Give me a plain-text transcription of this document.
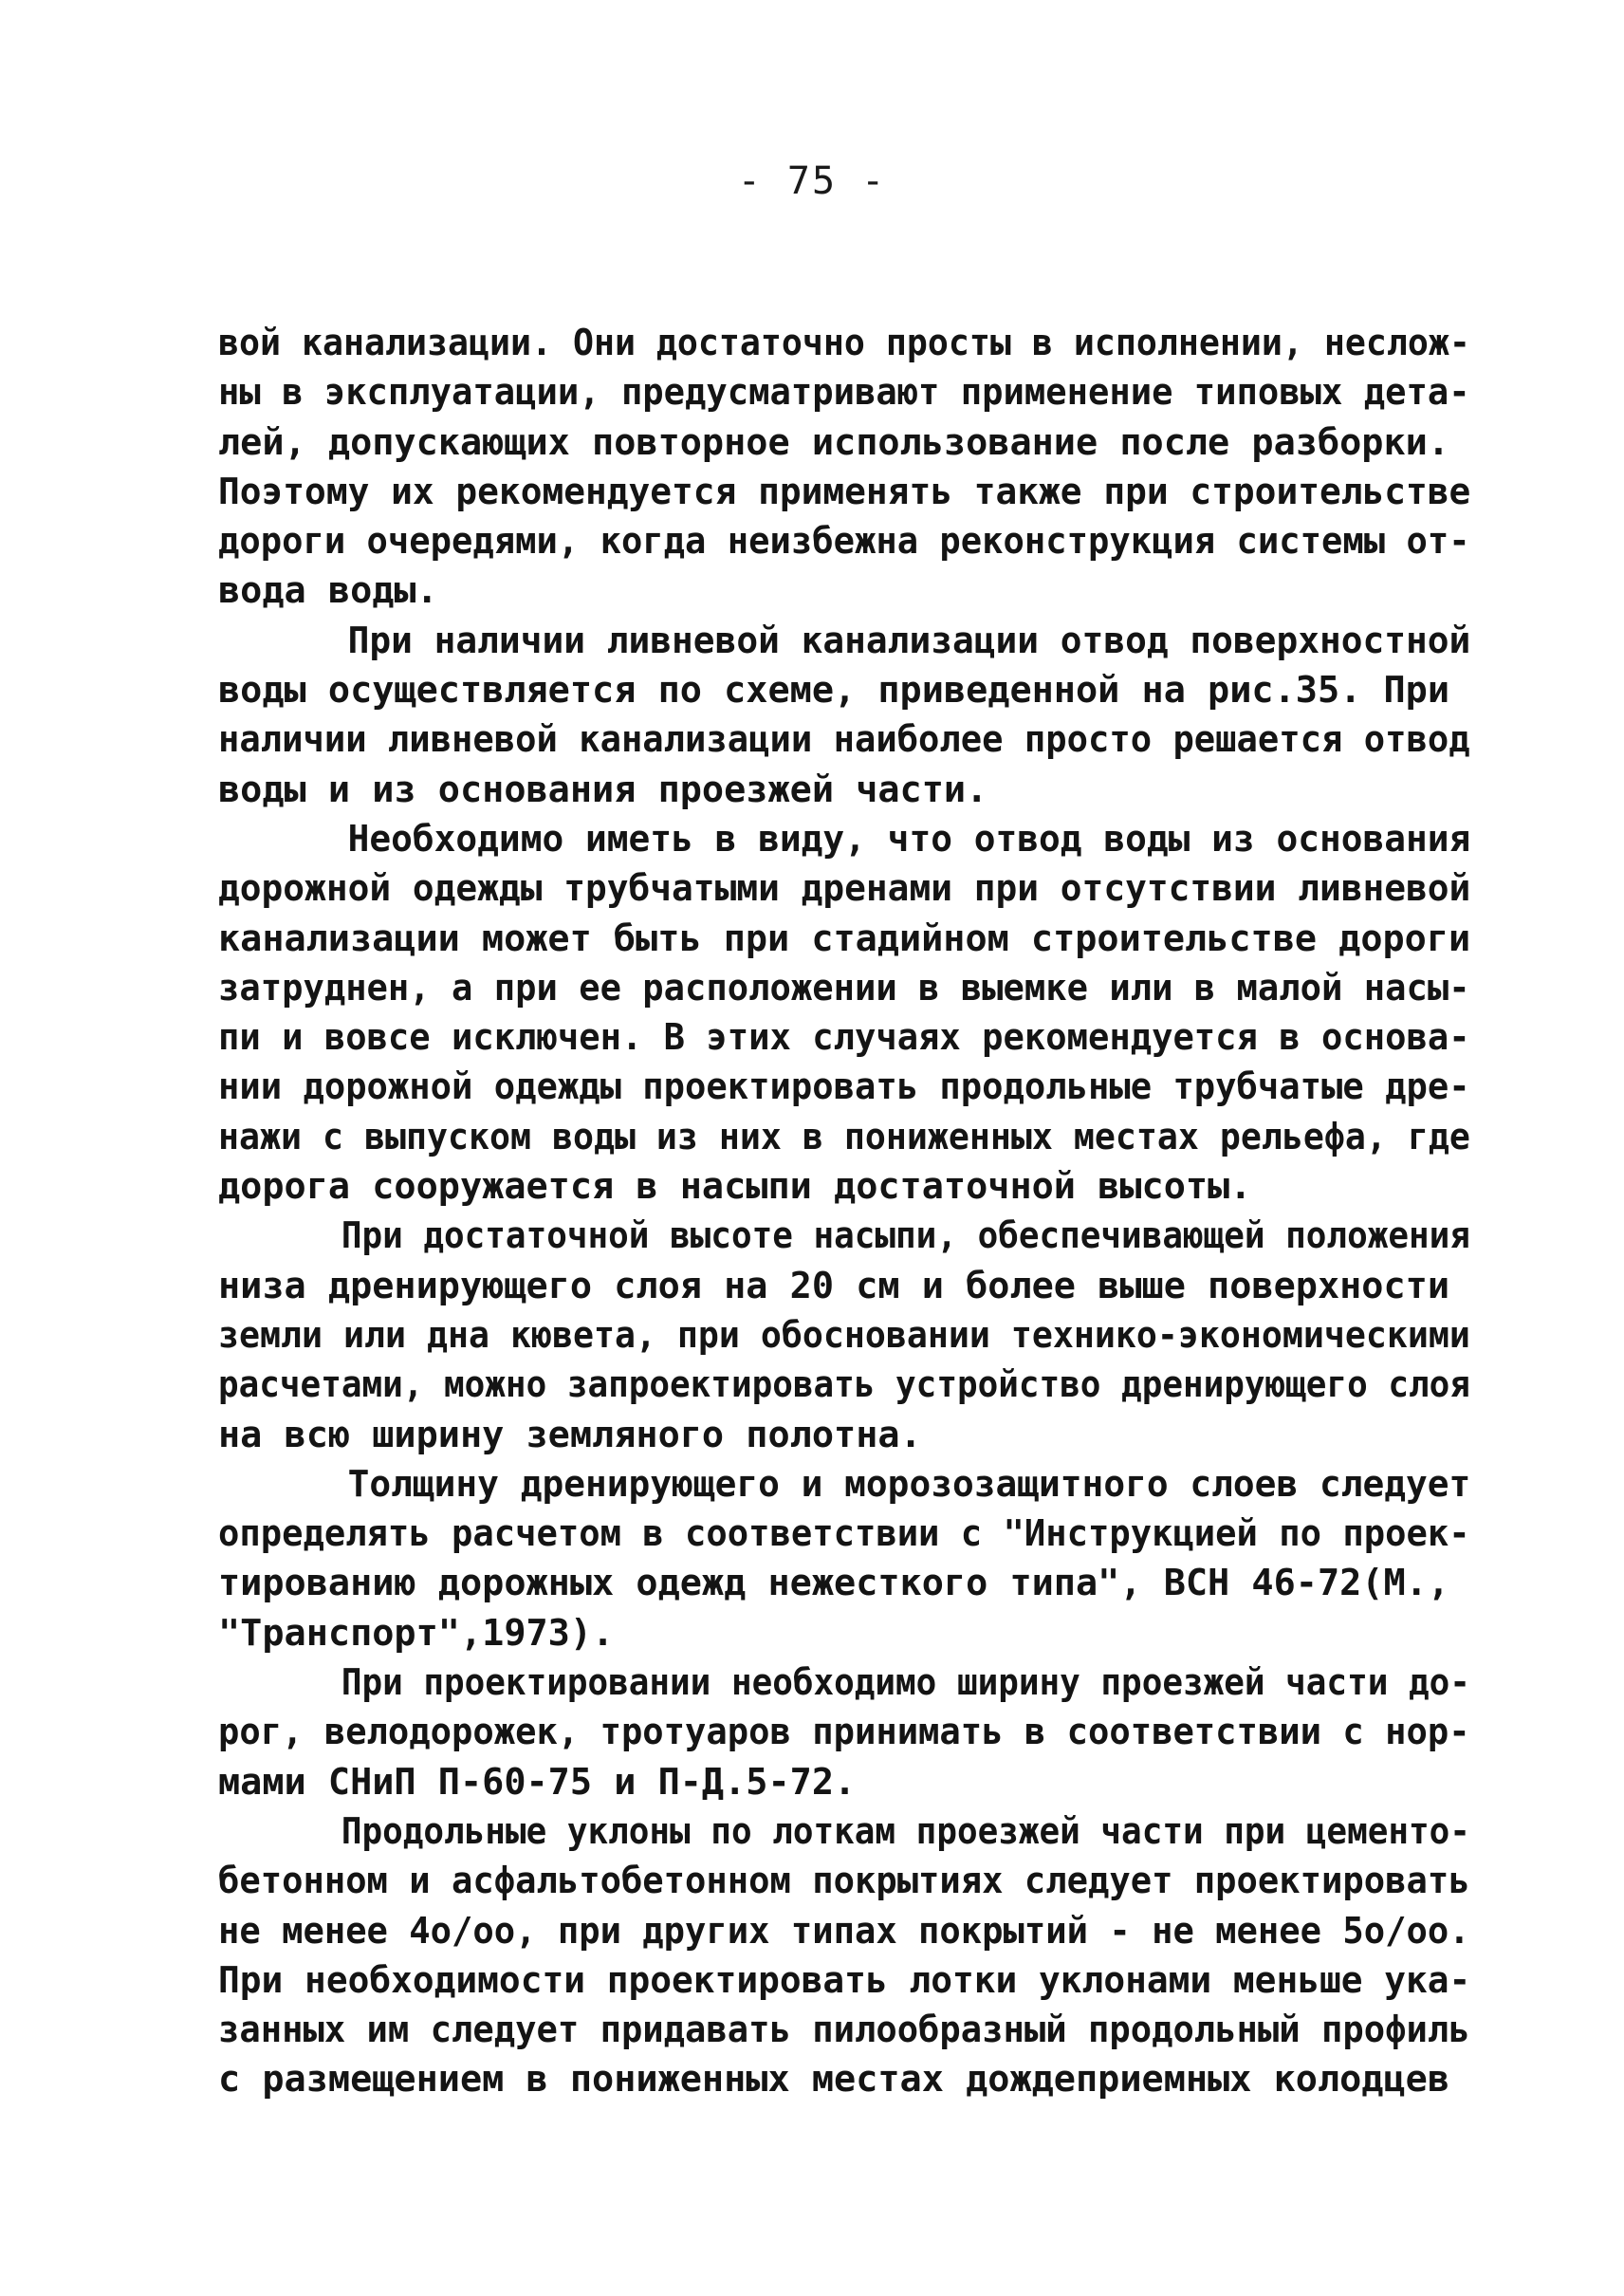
- 75 -
вой канализации. Они достаточно просты в исполнении, неслож-
ны в эксплуатации, предусматривают применение типовых дета-
лей, допускающих повторное использование после разборки.
Поэтому их рекомендуется применять также при строительстве
дороги очередями, когда неизбежна реконструкция системы от-
вода воды.
При наличии ливневой канализации отвод поверхностной
воды осуществляется по схеме, приведенной на рис.35. При
наличии ливневой канализации наиболее просто решается отвод
воды и из основания проезжей части.
Необходимо иметь в виду, что отвод воды из основания
дорожной одежды трубчатыми дренами при отсутствии ливневой
канализации может быть при стадийном строительстве дороги
затруднен, а при ее расположении в выемке или в малой насы-
пи и вовсе исключен. В этих случаях рекомендуется в основа-
нии дорожной одежды проектировать продольные трубчатые дре-
нажи с выпуском воды из них в пониженных местах рельефа, где
дорога сооружается в насыпи достаточной высоты.
При достаточной высоте насыпи, обеспечивающей положения
низа дренирующего слоя на 20 см и более выше поверхности
земли или дна кювета, при обосновании технико-экономическими
расчетами, можно запроектировать устройство дренирующего слоя
на всю ширину земляного полотна.
Толщину дренирующего и морозозащитного слоев следует
определять расчетом в соответствии с "Инструкцией по проек-
тированию дорожных одежд нежесткого типа", ВСН 46-72(М.,
"Транспорт",1973).
При проектировании необходимо ширину проезжей части до-
рог, велодорожек, тротуаров принимать в соответствии с нор-
мами СНиП П-60-75 и П-Д.5-72.
Продольные уклоны по лоткам проезжей части при цементо-
бетонном и асфальтобетонном покрытиях следует проектировать
не менее 4о/оо, при других типах покрытий - не менее 5о/оо.
При необходимости проектировать лотки уклонами меньше ука-
занных им следует придавать пилообразный продольный профиль
с размещением в пониженных местах дождеприемных колодцев
